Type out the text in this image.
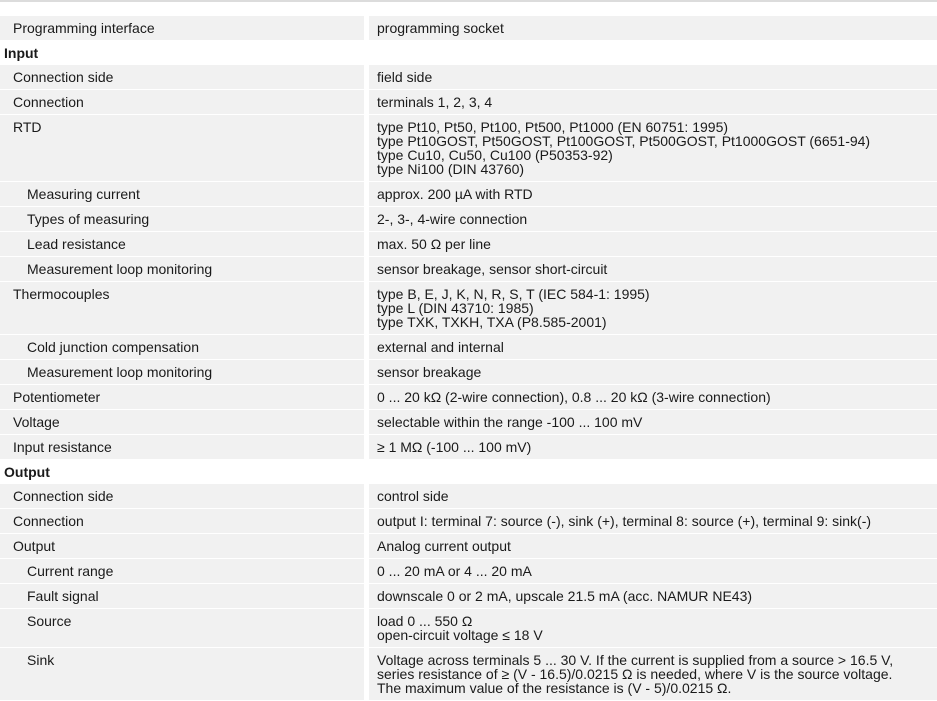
Programming interface	programming socket
Input
Connection side	field side
Connection	terminals 1, 2, 3, 4
RTD	type Pt10, Pt50, Pt100, Pt500, Pt1000 (EN 60751: 1995)
type Pt10GOST, Pt50GOST, Pt100GOST, Pt500GOST, Pt1000GOST (6651-94)
type Cu10, Cu50, Cu100 (P50353-92)
type Ni100 (DIN 43760)
Measuring current	approx. 200 µA with RTD
Types of measuring	2-, 3-, 4-wire connection
Lead resistance	max. 50 Ω per line
Measurement loop monitoring	sensor breakage, sensor short-circuit
Thermocouples	type B, E, J, K, N, R, S, T (IEC 584-1: 1995)
type L (DIN 43710: 1985)
type TXK, TXKH, TXA (P8.585-2001)
Cold junction compensation	external and internal
Measurement loop monitoring	sensor breakage
Potentiometer	0 ... 20 kΩ (2-wire connection), 0.8 ... 20 kΩ (3-wire connection)
Voltage	selectable within the range -100 ... 100 mV
Input resistance	≥ 1 MΩ (-100 ... 100 mV)
Output
Connection side	control side
Connection	output I: terminal 7: source (-), sink (+), terminal 8: source (+), terminal 9: sink(-)
Output	Analog current output
Current range	0 ... 20 mA or 4 ... 20 mA
Fault signal	downscale 0 or 2 mA, upscale 21.5 mA (acc. NAMUR NE43)
Source	load 0 ... 550 Ω
open-circuit voltage ≤ 18 V
Sink	Voltage across terminals 5 ... 30 V. If the current is supplied from a source > 16.5 V,
series resistance of ≥ (V - 16.5)/0.0215 Ω is needed, where V is the source voltage.
The maximum value of the resistance is (V - 5)/0.0215 Ω.
